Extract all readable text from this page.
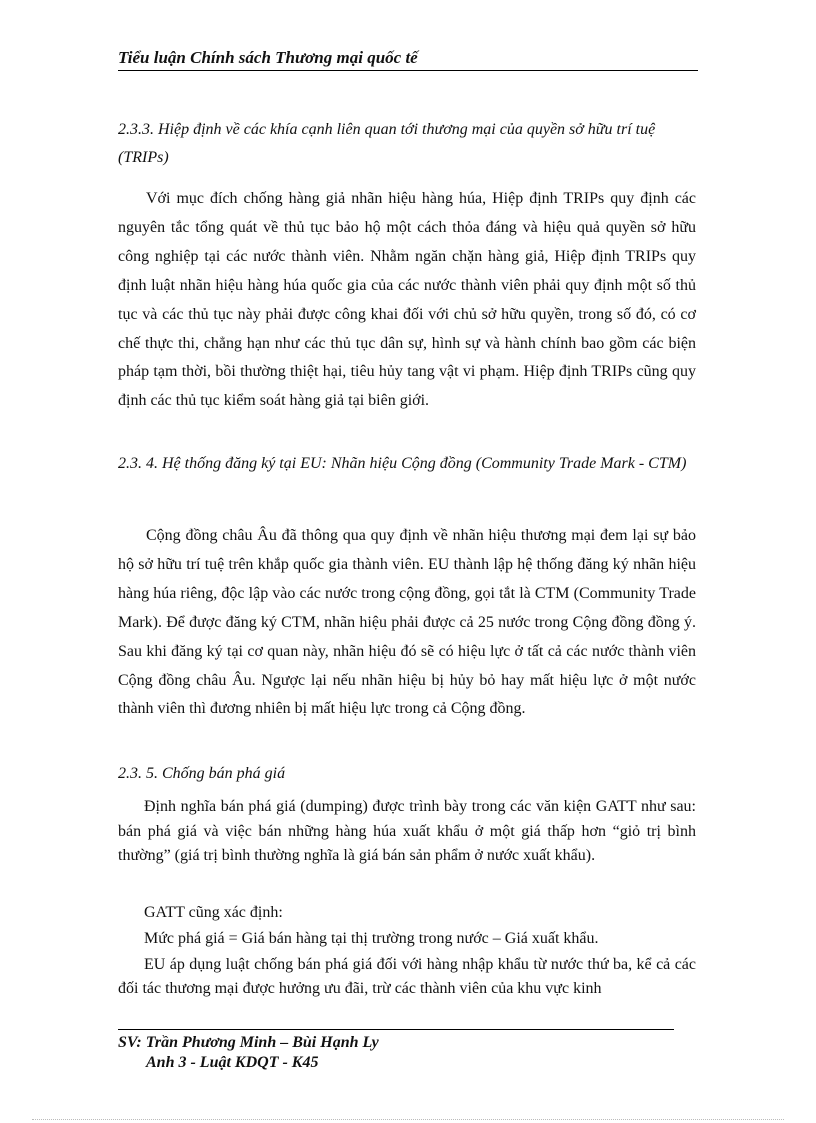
Tiểu luận Chính sách Thương mại quốc tế
2.3.3. Hiệp định về các khía cạnh liên quan tới thương mại của quyền sở hữu trí tuệ (TRIPs)

Với mục đích chống hàng giả nhãn hiệu hàng húa, Hiệp định TRIPs quy định các nguyên tắc tổng quát về thủ tục bảo hộ một cách thỏa đáng và hiệu quả quyền sở hữu công nghiệp tại các nước thành viên. Nhằm ngăn chặn hàng giả, Hiệp định TRIPs quy định luật nhãn hiệu hàng húa quốc gia của các nước thành viên phải quy định một số thủ tục và các thủ tục này phải được công khai đối với chủ sở hữu quyền, trong số đó, có cơ chế thực thi, chẳng hạn như các thủ tục dân sự, hình sự và hành chính bao gồm các biện pháp tạm thời, bồi thường thiệt hại, tiêu hủy tang vật vi phạm. Hiệp định TRIPs cũng quy định các thủ tục kiểm soát hàng giả tại biên giới.

2.3. 4. Hệ thống đăng ký tại EU: Nhãn hiệu Cộng đồng (Community Trade Mark - CTM)

Cộng đồng châu Âu đã thông qua quy định về nhãn hiệu thương mại đem lại sự bảo hộ sở hữu trí tuệ trên khắp quốc gia thành viên. EU thành lập hệ thống đăng ký nhãn hiệu hàng húa riêng, độc lập vào các nước trong cộng đồng, gọi tắt là CTM (Community Trade Mark). Để được đăng ký CTM, nhãn hiệu phải được cả 25 nước trong Cộng đồng đồng ý. Sau khi đăng ký tại cơ quan này, nhãn hiệu đó sẽ có hiệu lực ở tất cả các nước thành viên Cộng đồng châu Âu. Ngược lại nếu nhãn hiệu bị hủy bỏ hay mất hiệu lực ở một nước thành viên thì đương nhiên bị mất hiệu lực trong cả Cộng đồng.

2.3. 5. Chống bán phá giá

Định nghĩa bán phá giá (dumping) được trình bày trong các văn kiện GATT như sau: bán phá giá và việc bán những hàng húa xuất khẩu ở một giá thấp hơn “giỏ trị bình thường” (giá trị bình thường nghĩa là giá bán sản phẩm ở nước xuất khẩu).

GATT cũng xác định:
Mức phá giá = Giá bán hàng tại thị trường trong nước – Giá xuất khẩu.

EU áp dụng luật chống bán phá giá đối với hàng nhập khẩu từ nước thứ ba, kể cả các đối tác thương mại được hưởng ưu đãi, trừ các thành viên của khu vực kinh

SV: Trần Phương Minh – Bùi Hạnh Ly
Anh 3 - Luật KDQT - K45
